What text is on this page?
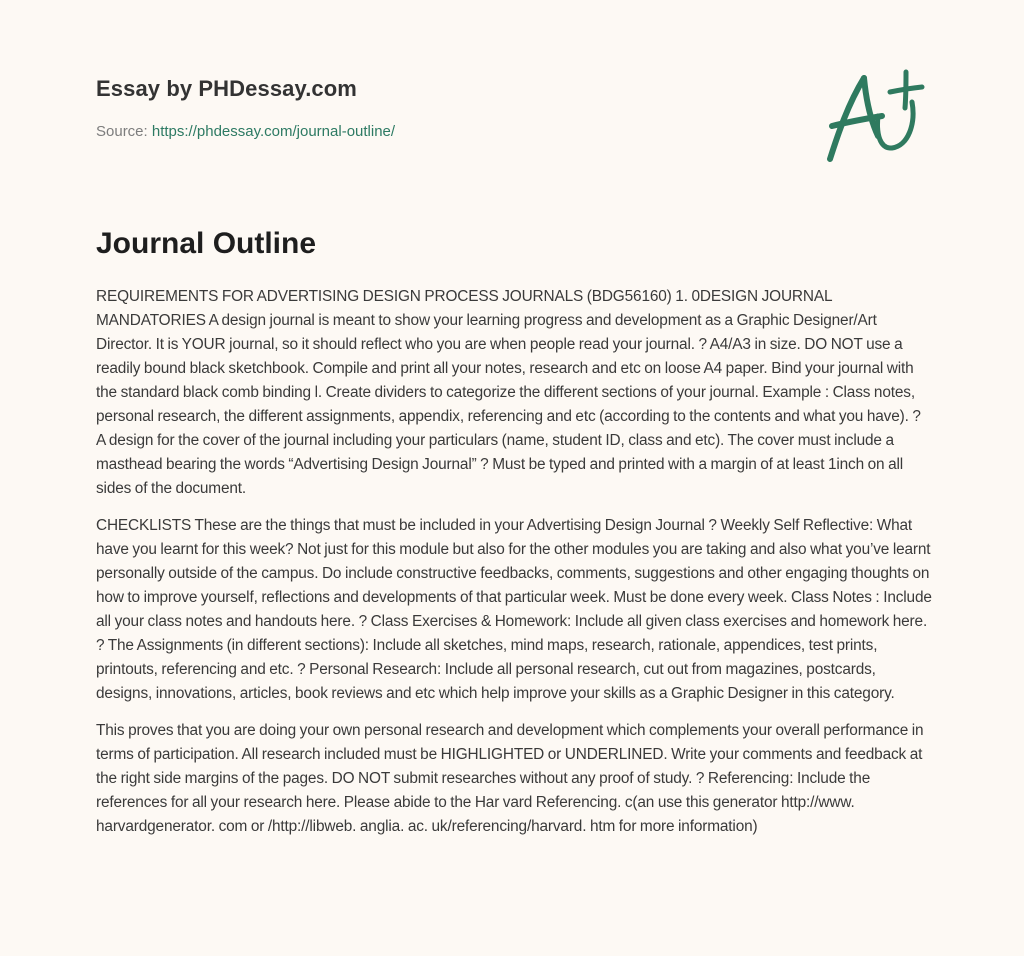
Essay by PHDessay.com
Source: https://phdessay.com/journal-outline/
Journal Outline

REQUIREMENTS FOR ADVERTISING DESIGN PROCESS JOURNALS (BDG56160) 1. 0DESIGN JOURNAL MANDATORIES A design journal is meant to show your learning progress and development as a Graphic Designer/Art Director. It is YOUR journal, so it should reflect who you are when people read your journal. ? A4/A3 in size. DO NOT use a readily bound black sketchbook. Compile and print all your notes, research and etc on loose A4 paper. Bind your journal with the standard black comb binding l. Create dividers to categorize the different sections of your journal. Example : Class notes, personal research, the different assignments, appendix, referencing and etc (according to the contents and what you have). ? A design for the cover of the journal including your particulars (name, student ID, class and etc). The cover must include a masthead bearing the words “Advertising Design Journal” ? Must be typed and printed with a margin of at least 1inch on all sides of the document.

CHECKLISTS These are the things that must be included in your Advertising Design Journal ? Weekly Self Reflective: What have you learnt for this week? Not just for this module but also for the other modules you are taking and also what you’ve learnt personally outside of the campus. Do include constructive feedbacks, comments, suggestions and other engaging thoughts on how to improve yourself, reflections and developments of that particular week. Must be done every week. Class Notes : Include all your class notes and handouts here. ? Class Exercises & Homework: Include all given class exercises and homework here. ? The Assignments (in different sections): Include all sketches, mind maps, research, rationale, appendices, test prints, printouts, referencing and etc. ? Personal Research: Include all personal research, cut out from magazines, postcards, designs, innovations, articles, book reviews and etc which help improve your skills as a Graphic Designer in this category.

This proves that you are doing your own personal research and development which complements your overall performance in terms of participation. All research included must be HIGHLIGHTED or UNDERLINED. Write your comments and feedback at the right side margins of the pages. DO NOT submit researches without any proof of study. ? Referencing: Include the references for all your research here. Please abide to the Har vard Referencing. c(an use this generator http://www. harvardgenerator. com or /http://libweb. anglia. ac. uk/referencing/harvard. htm for more information)
